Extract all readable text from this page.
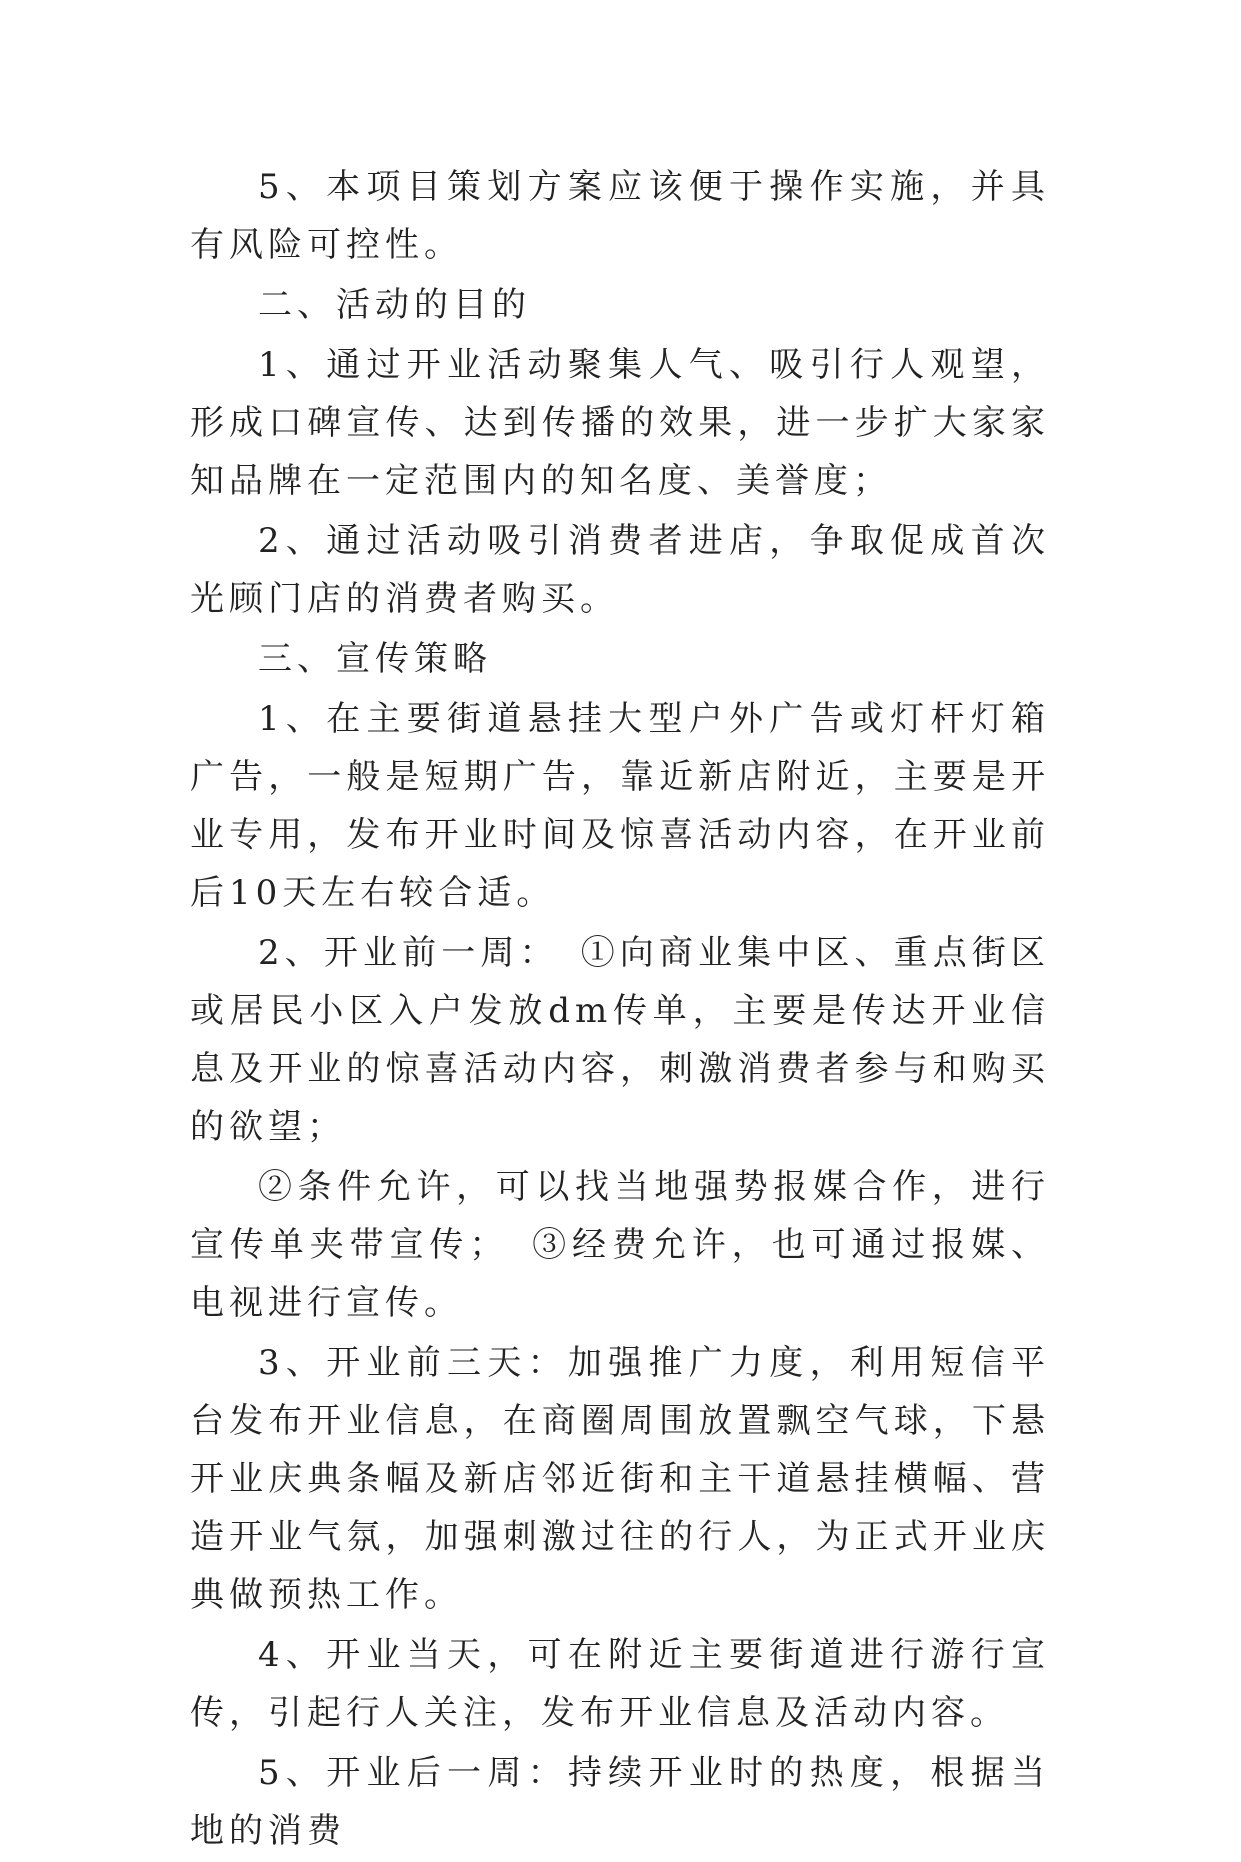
5、本项目策划方案应该便于操作实施，并具有风险可控性。

二、活动的目的

1、通过开业活动聚集人气、吸引行人观望，形成口碑宣传、达到传播的效果，进一步扩大家家知品牌在一定范围内的知名度、美誉度；

2、通过活动吸引消费者进店，争取促成首次光顾门店的消费者购买。

三、宣传策略

1、在主要街道悬挂大型户外广告或灯杆灯箱广告，一般是短期广告，靠近新店附近，主要是开业专用，发布开业时间及惊喜活动内容，在开业前后10天左右较合适。

2、开业前一周：　①向商业集中区、重点街区或居民小区入户发放dm传单，主要是传达开业信息及开业的惊喜活动内容，刺激消费者参与和购买的欲望；

②条件允许，可以找当地强势报媒合作，进行宣传单夹带宣传；　③经费允许，也可通过报媒、电视进行宣传。

3、开业前三天：加强推广力度，利用短信平台发布开业信息，在商圈周围放置飘空气球，下悬开业庆典条幅及新店邻近街和主干道悬挂横幅、营造开业气氛，加强刺激过往的行人，为正式开业庆典做预热工作。

4、开业当天，可在附近主要街道进行游行宣传，引起行人关注，发布开业信息及活动内容。

5、开业后一周：持续开业时的热度，根据当地的消费
